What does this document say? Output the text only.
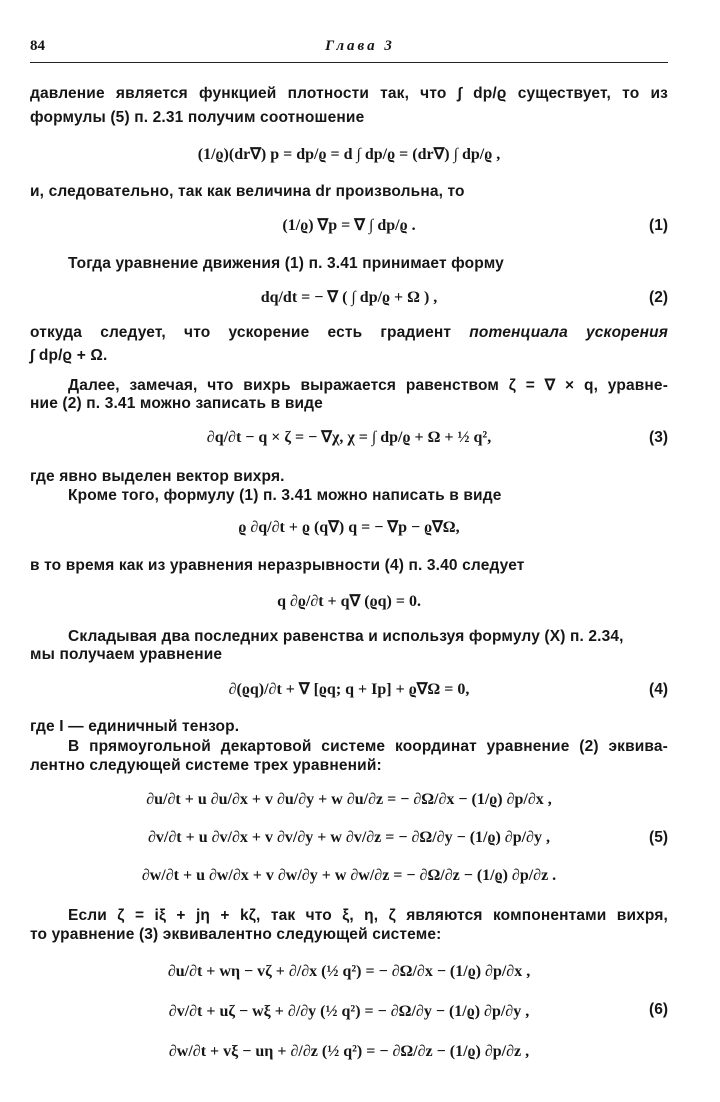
84	Глава 3
давление является функцией плотности так, что ∫ dp/ϱ существует, то из
формулы (5) п. 2.31 получим соотношение
(1/ϱ)(dr∇) p = dp/ϱ = d ∫ dp/ϱ = (dr∇) ∫ dp/ϱ ,
и, следовательно, так как величина dr произвольна, то
(1/ϱ) ∇p = ∇ ∫ dp/ϱ .	(1)
Тогда уравнение движения (1) п. 3.41 принимает форму
dq/dt = − ∇ ( ∫ dp/ϱ + Ω ) ,	(2)
откуда следует, что ускорение есть градиент потенциала ускорения
∫ dp/ϱ + Ω.
Далее, замечая, что вихрь выражается равенством ζ = ∇ × q, уравне-
ние (2) п. 3.41 можно записать в виде
∂q/∂t − q × ζ = − ∇χ, χ = ∫ dp/ϱ + Ω + ½ q²,	(3)
где явно выделен вектор вихря.
Кроме того, формулу (1) п. 3.41 можно написать в виде
ϱ ∂q/∂t + ϱ (q∇) q = − ∇p − ϱ∇Ω,
в то время как из уравнения неразрывности (4) п. 3.40 следует
q ∂ϱ/∂t + q∇ (ϱq) = 0.
Складывая два последних равенства и используя формулу (X) п. 2.34,
мы получаем уравнение
∂(ϱq)/∂t + ∇ [ϱq; q + Ip] + ϱ∇Ω = 0,	(4)
где I — единичный тензор.
В прямоугольной декартовой системе координат уравнение (2) эквива-
лентно следующей системе трех уравнений:
∂u/∂t + u ∂u/∂x + v ∂u/∂y + w ∂u/∂z = − ∂Ω/∂x − (1/ϱ) ∂p/∂x ,
∂v/∂t + u ∂v/∂x + v ∂v/∂y + w ∂v/∂z = − ∂Ω/∂y − (1/ϱ) ∂p/∂y ,
∂w/∂t + u ∂w/∂x + v ∂w/∂y + w ∂w/∂z = − ∂Ω/∂z − (1/ϱ) ∂p/∂z .
(5)
Если ζ = iξ + jη + kζ, так что ξ, η, ζ являются компонентами вихря,
то уравнение (3) эквивалентно следующей системе:
∂u/∂t + wη − vζ + ∂/∂x (½ q²) = − ∂Ω/∂x − (1/ϱ) ∂p/∂x ,
∂v/∂t + uζ − wξ + ∂/∂y (½ q²) = − ∂Ω/∂y − (1/ϱ) ∂p/∂y ,
∂w/∂t + vξ − uη + ∂/∂z (½ q²) = − ∂Ω/∂z − (1/ϱ) ∂p/∂z ,
(6)
